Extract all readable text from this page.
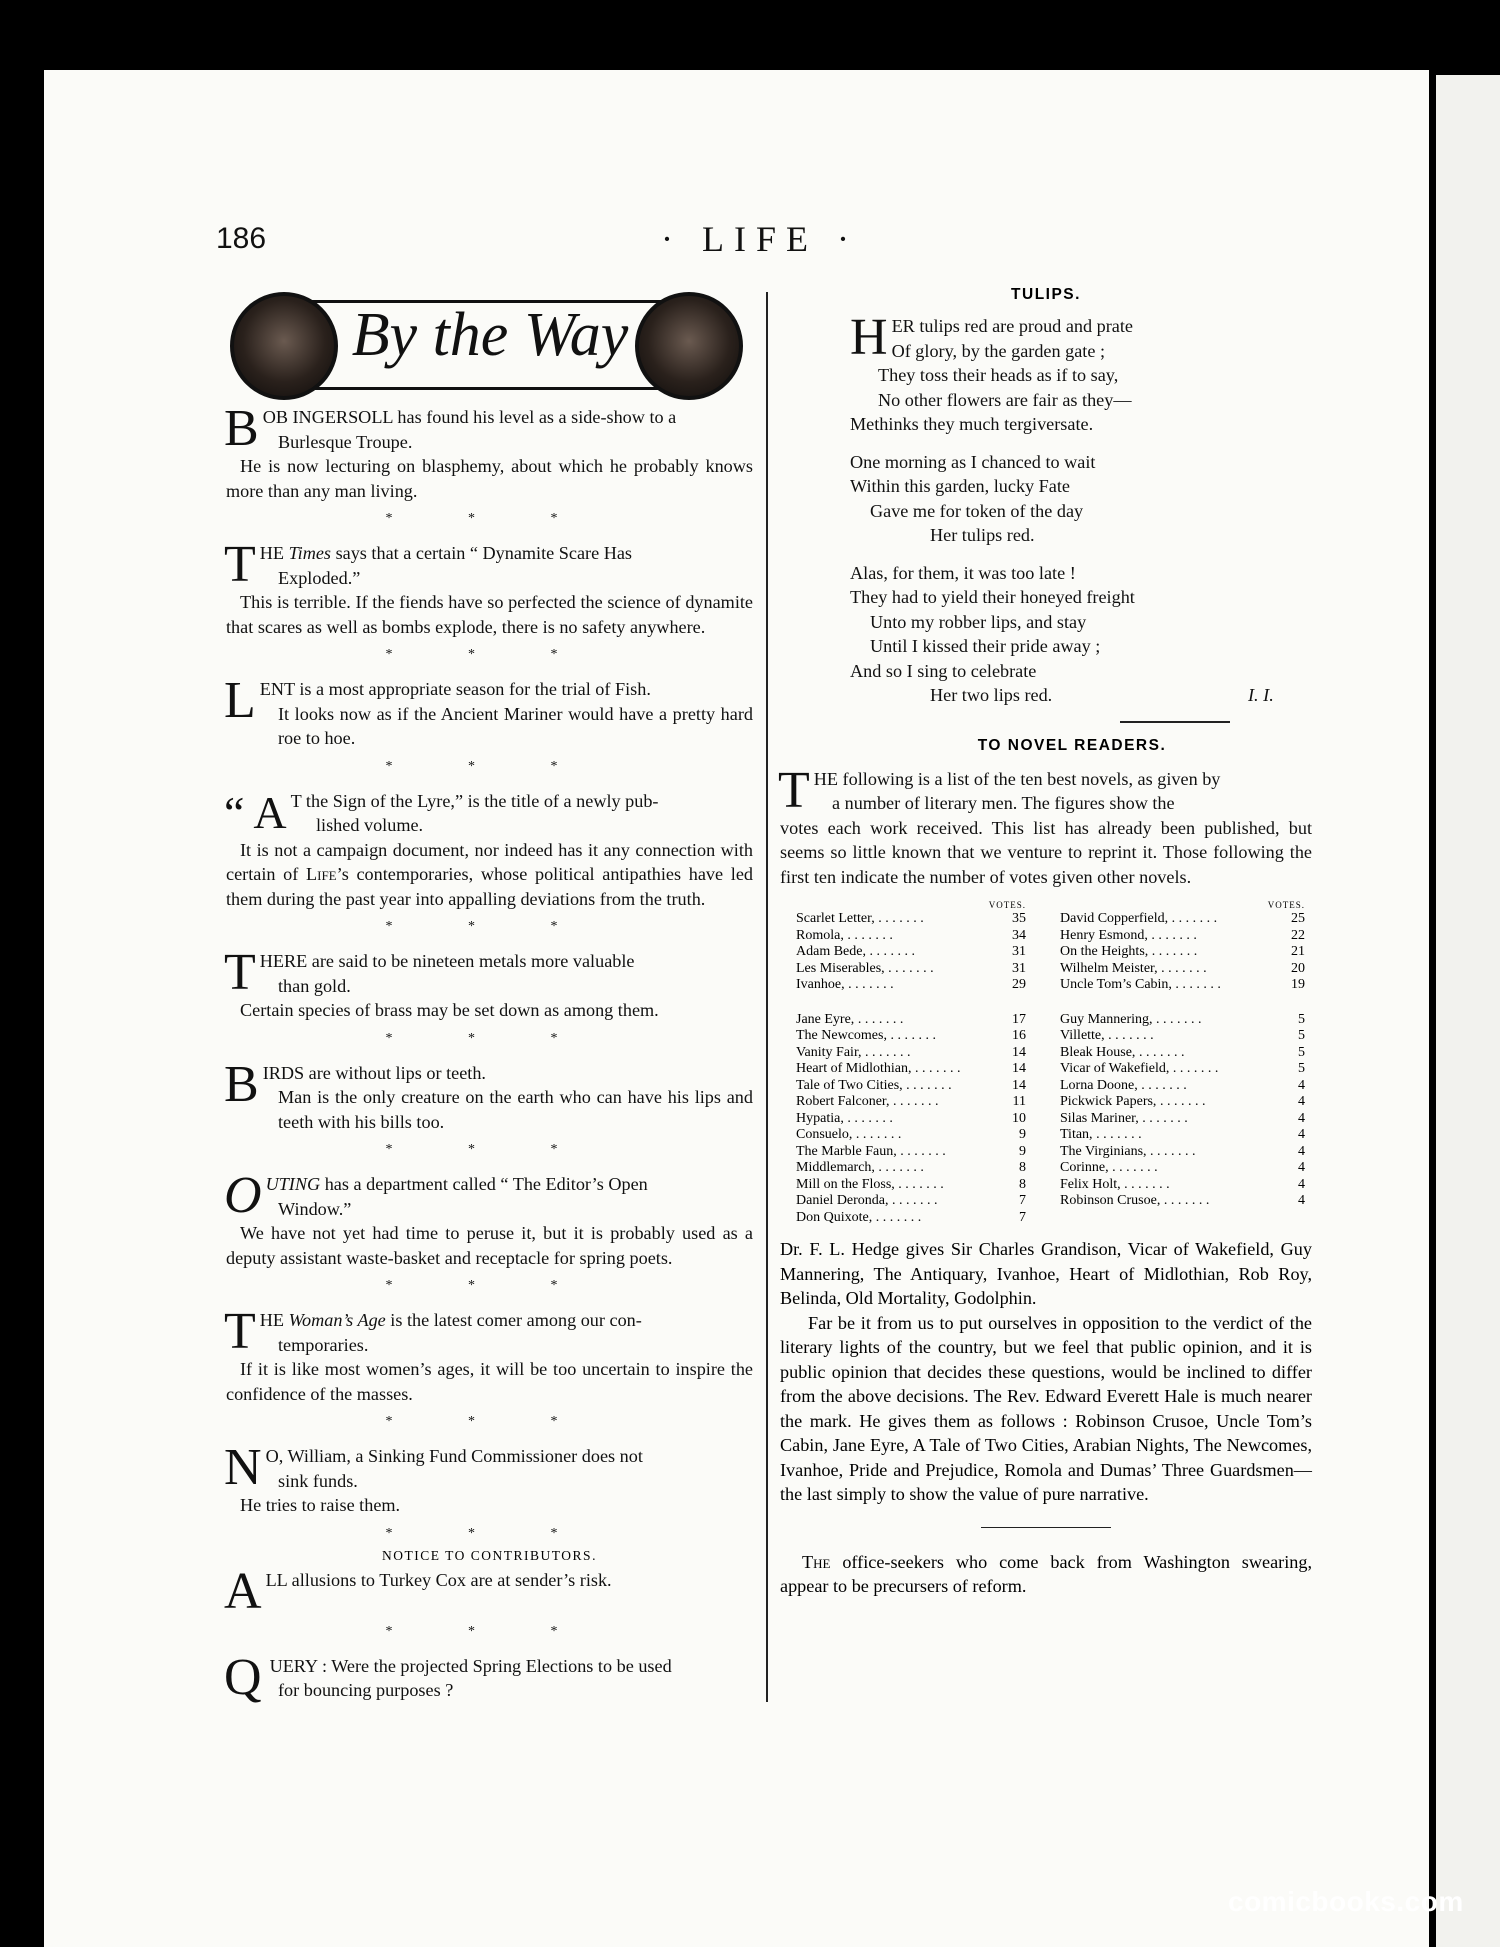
186	· LIFE ·
By the Way
B OB INGERSOLL has found his level as a side-show to a

Burlesque Troupe.

He is now lecturing on blasphemy, about which he probably knows more than any man living.

* * *
T HE Times says that a certain “ Dynamite Scare Has

Exploded.”

This is terrible. If the fiends have so perfected the science of dynamite that scares as well as bombs explode, there is no safety anywhere.

* * *
L ENT is a most appropriate season for the trial of Fish.

It looks now as if the Ancient Mariner would have a pretty hard roe to hoe.

* * *
“ A T the Sign of the Lyre,” is the title of a newly pub-

lished volume.

It is not a campaign document, nor indeed has it any connection with certain of Life’s contemporaries, whose political antipathies have led them during the past year into appalling deviations from the truth.

* * *
T HERE are said to be nineteen metals more valuable

than gold.

Certain species of brass may be set down as among them.

* * *
B IRDS are without lips or teeth.

Man is the only creature on the earth who can have his lips and teeth with his bills too.

* * *
O UTING has a department called “ The Editor’s Open

Window.”

We have not yet had time to peruse it, but it is probably used as a deputy assistant waste-basket and receptacle for spring poets.

* * *
T HE Woman’s Age is the latest comer among our con-

temporaries.

If it is like most women’s ages, it will be too uncertain to inspire the confidence of the masses.

* * *
N O, William, a Sinking Fund Commissioner does not

sink funds.

He tries to raise them.

* * *
NOTICE TO CONTRIBUTORS.
A LL allusions to Turkey Cox are at sender’s risk.

* * *
Q UERY : Were the projected Spring Elections to be used

for bouncing purposes ?

TULIPS.
H ER tulips red are proud and prate

Of glory, by the garden gate ;

They toss their heads as if to say,

No other flowers are fair as they—

Methinks they much tergiversate.

One morning as I chanced to wait

Within this garden, lucky Fate

Gave me for token of the day

Her tulips red.

Alas, for them, it was too late !

They had to yield their honeyed freight

Unto my robber lips, and stay

Until I kissed their pride away ;

And so I sing to celebrate

Her two lips red.	I. I.

TO NOVEL READERS.
T HE following is a list of the ten best novels, as given by

a number of literary men. The figures show the

votes each work received. This list has already been published, but seems so little known that we venture to reprint it. Those following the first ten indicate the number of votes given other novels.

VOTES.
Scarlet Letter, . .	35
Romola, . .	34
Adam Bede, . .	31
Les Miserables, . .	31
Ivanhoe, . .	29
Jane Eyre, . .	17
The Newcomes, . .	16
Vanity Fair, . .	14
Heart of Midlothian, . .	14
Tale of Two Cities, . .	14
Robert Falconer, . .	11
Hypatia, . .	10
Consuelo, . .	9
The Marble Faun, . .	9
Middlemarch, . .	8
Mill on the Floss, . .	8
Daniel Deronda, . .	7
Don Quixote, . .	7
VOTES.
David Copperfield, . .	25
Henry Esmond, . .	22
On the Heights, . .	21
Wilhelm Meister, . .	20
Uncle Tom’s Cabin, . .	19
Guy Mannering, . .	5
Villette, . .	5
Bleak House, . .	5
Vicar of Wakefield, . .	5
Lorna Doone, . .	4
Pickwick Papers, . .	4
Silas Mariner, . .	4
Titan, . .	4
The Virginians, . .	4
Corinne, . .	4
Felix Holt, . .	4
Robinson Crusoe, . .	4

Dr. F. L. Hedge gives Sir Charles Grandison, Vicar of Wakefield, Guy Mannering, The Antiquary, Ivanhoe, Heart of Midlothian, Rob Roy, Belinda, Old Mortality, Godolphin.

Far be it from us to put ourselves in opposition to the verdict of the literary lights of the country, but we feel that public opinion, and it is public opinion that decides these questions, would be inclined to differ from the above decisions. The Rev. Edward Everett Hale is much nearer the mark. He gives them as follows : Robinson Crusoe, Uncle Tom’s Cabin, Jane Eyre, A Tale of Two Cities, Arabian Nights, The Newcomes, Ivanhoe, Pride and Prejudice, Romola and Dumas’ Three Guardsmen—the last simply to show the value of pure narrative.

The office-seekers who come back from Washington swearing, appear to be precursers of reform.

comicbooks.com
